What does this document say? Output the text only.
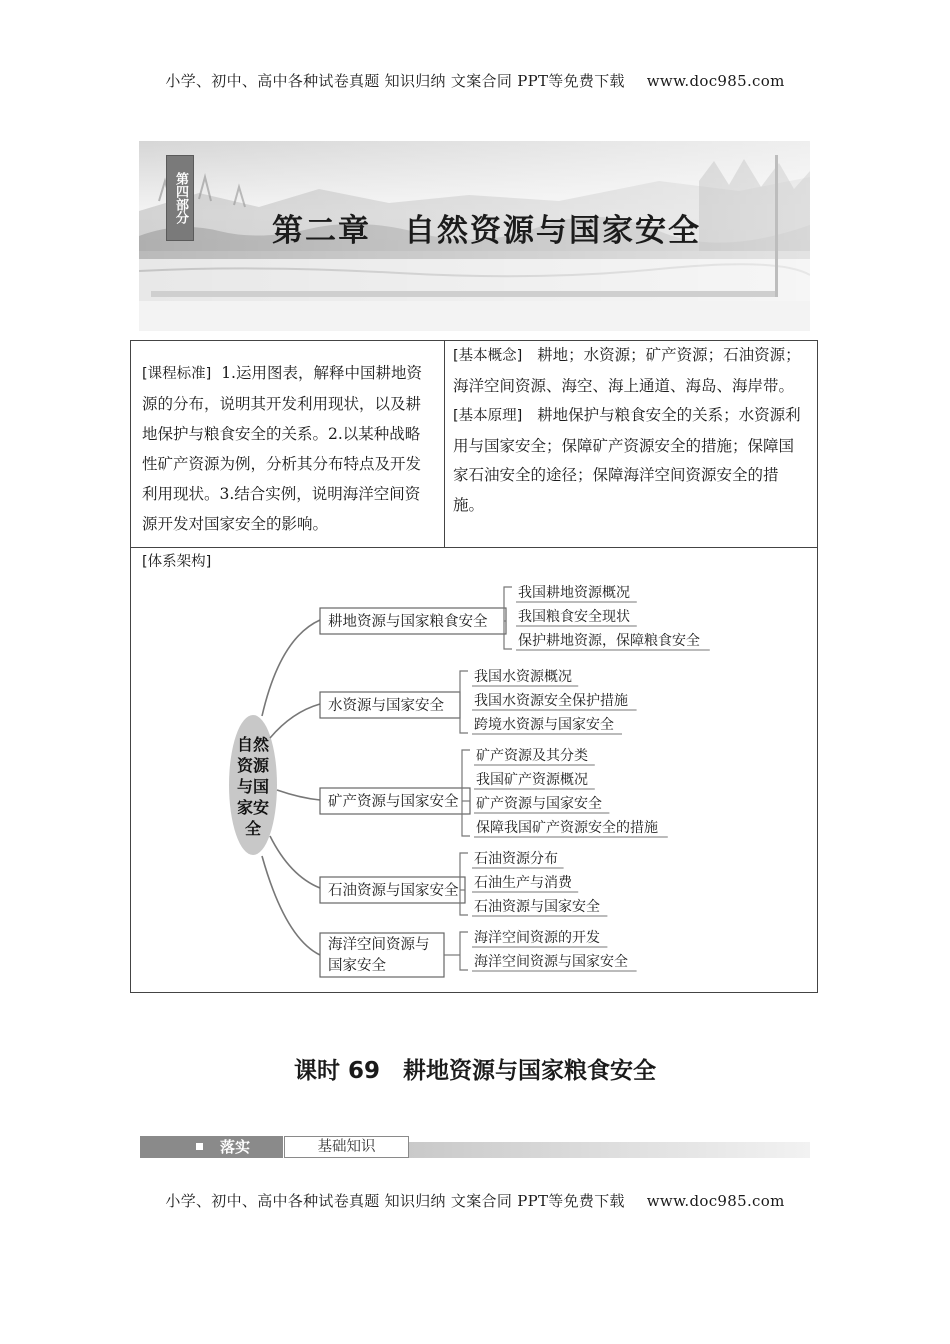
小学、初中、高中各种试卷真题 知识归纳 文案合同 PPT等免费下载 www.doc985.com
第四部分
第二章　自然资源与国家安全
[课程标准] 1.运用图表，解释中国耕地资源的分布，说明其开发利用现状，以及耕地保护与粮食安全的关系。2.以某种战略性矿产资源为例，分析其分布特点及开发利用现状。3.结合实例，说明海洋空间资源开发对国家安全的影响。
[基本概念] 耕地；水资源；矿产资源；石油资源；海洋空间资源、海空、海上通道、海岛、海岸带。
[基本原理] 耕地保护与粮食安全的关系；水资源利用与国家安全；保障矿产资源安全的措施；保障国家石油安全的途径；保障海洋空间资源安全的措施。
[体系架构]
自然
资源
与国
家安
全
耕地资源与国家粮食安全
水资源与国家安全
矿产资源与国家安全
石油资源与国家安全
海洋空间资源与
国家安全
我国耕地资源概况
我国粮食安全现状
保护耕地资源，保障粮食安全
我国水资源概况
我国水资源安全保护措施
跨境水资源与国家安全
矿产资源及其分类
我国矿产资源概况
矿产资源与国家安全
保障我国矿产资源安全的措施
石油资源分布
石油生产与消费
石油资源与国家安全
海洋空间资源的开发
海洋空间资源与国家安全
课时 69　耕地资源与国家粮食安全
落实	基础知识
小学、初中、高中各种试卷真题 知识归纳 文案合同 PPT等免费下载 www.doc985.com
